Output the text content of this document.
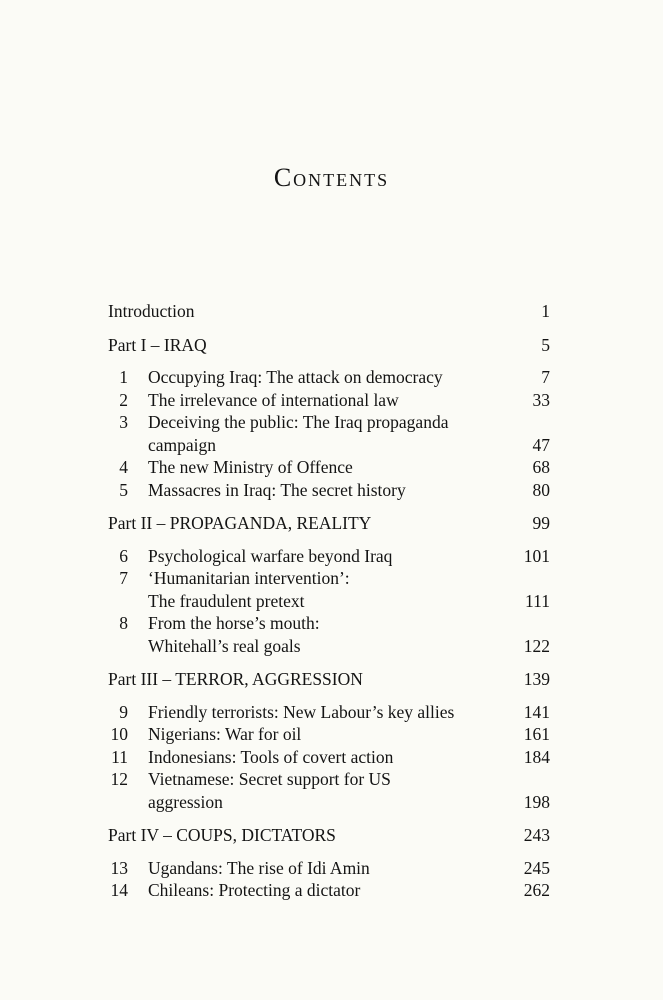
Contents
Introduction	1
Part I – IRAQ	5
1 Occupying Iraq: The attack on democracy	7
2 The irrelevance of international law	33
3 Deceiving the public: The Iraq propaganda
campaign	47
4 The new Ministry of Offence	68
5 Massacres in Iraq: The secret history	80
Part II – PROPAGANDA, REALITY	99
6 Psychological warfare beyond Iraq	101
7 ‘Humanitarian intervention’:
The fraudulent pretext	111
8 From the horse’s mouth:
Whitehall’s real goals	122
Part III – TERROR, AGGRESSION	139
9 Friendly terrorists: New Labour’s key allies	141
10 Nigerians: War for oil	161
11 Indonesians: Tools of covert action	184
12 Vietnamese: Secret support for US
aggression	198
Part IV – COUPS, DICTATORS	243
13 Ugandans: The rise of Idi Amin	245
14 Chileans: Protecting a dictator	262
